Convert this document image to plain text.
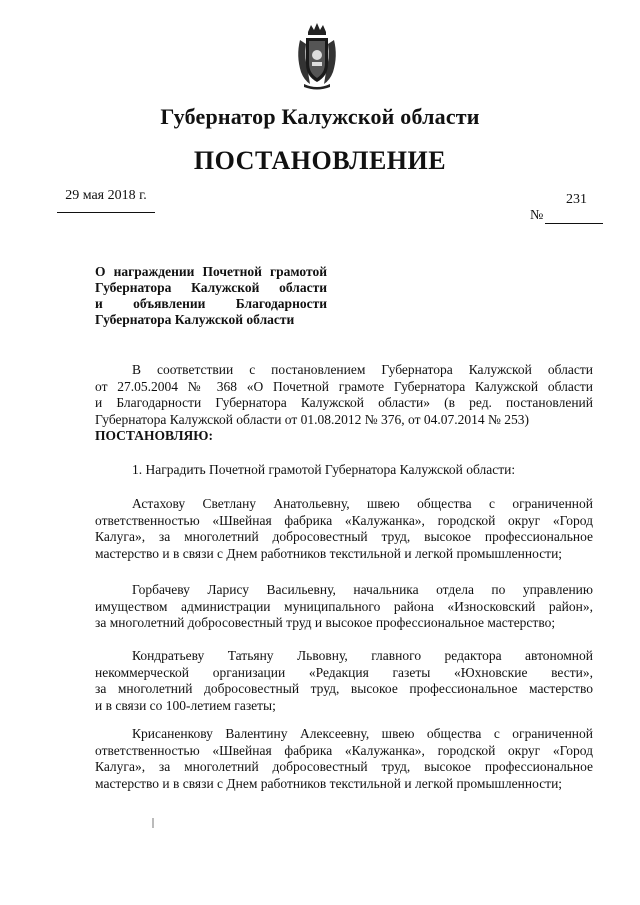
Губернатор Калужской области
ПОСТАНОВЛЕНИЕ
29 мая 2018 г.	231
№
О награждении Почетной грамотой
Губернатора Калужской области
и объявлении Благодарности
Губернатора Калужской области
В соответствии с постановлением Губернатора Калужской области
от 27.05.2004 № 368 «О Почетной грамоте Губернатора Калужской области
и Благодарности Губернатора Калужской области» (в ред. постановлений
Губернатора Калужской области от 01.08.2012 № 376, от 04.07.2014 № 253)
ПОСТАНОВЛЯЮ:
1. Наградить Почетной грамотой Губернатора Калужской области:
Астахову Светлану Анатольевну, швею общества с ограниченной
ответственностью «Швейная фабрика «Калужанка», городской округ «Город
Калуга», за многолетний добросовестный труд, высокое профессиональное
мастерство и в связи с Днем работников текстильной и легкой промышленности;
Горбачеву Ларису Васильевну, начальника отдела по управлению
имуществом администрации муниципального района «Износковский район»,
за многолетний добросовестный труд и высокое профессиональное мастерство;
Кондратьеву Татьяну Львовну, главного редактора автономной
некоммерческой организации «Редакция газеты «Юхновские вести»,
за многолетний добросовестный труд, высокое профессиональное мастерство
и в связи со 100-летием газеты;
Крисаненкову Валентину Алексеевну, швею общества с ограниченной
ответственностью «Швейная фабрика «Калужанка», городской округ «Город
Калуга», за многолетний добросовестный труд, высокое профессиональное
мастерство и в связи с Днем работников текстильной и легкой промышленности;
